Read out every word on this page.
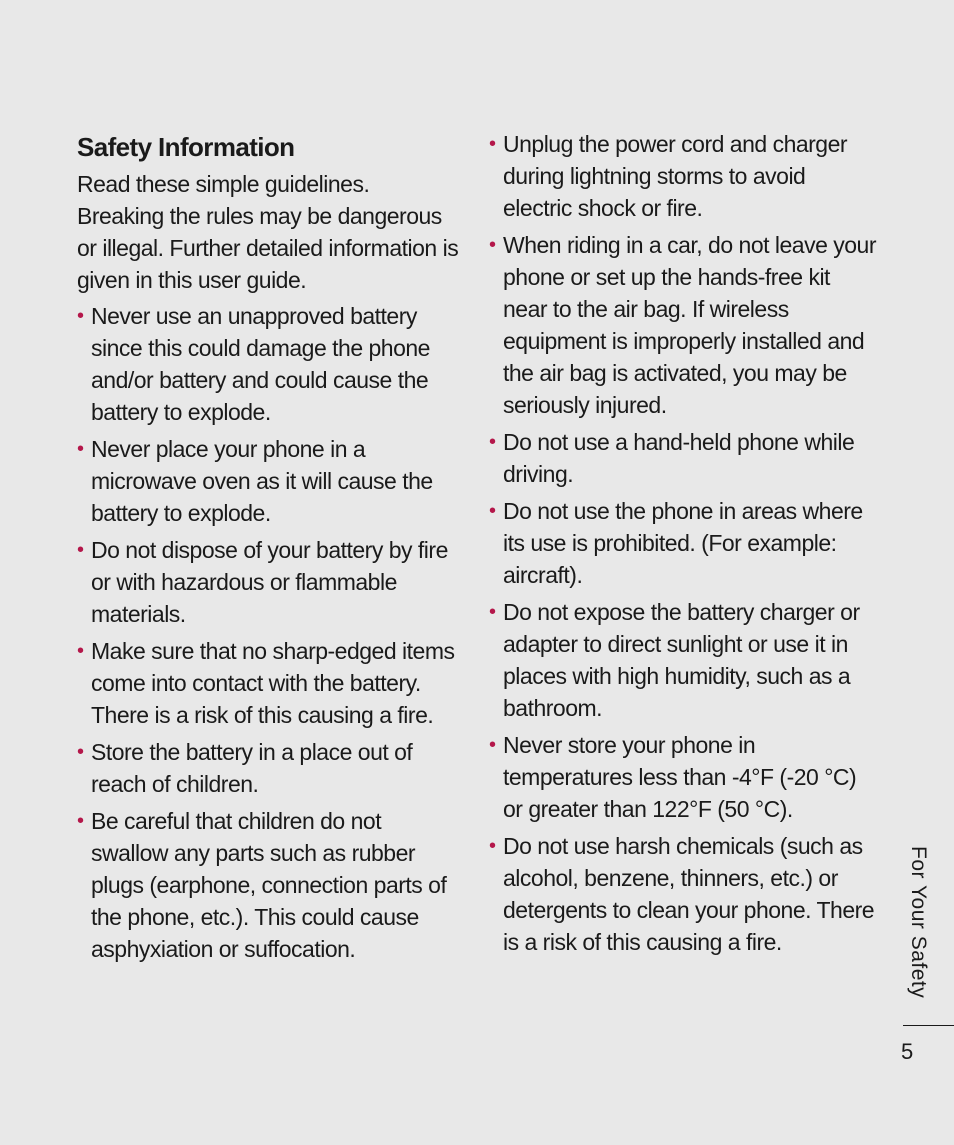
Safety Information

Read these simple guidelines. Breaking the rules may be dangerous or illegal. Further detailed information is given in this user guide.

• Never use an unapproved battery since this could damage the phone and/or battery and could cause the battery to explode.
• Never place your phone in a microwave oven as it will cause the battery to explode.
• Do not dispose of your battery by fire or with hazardous or flammable materials.
• Make sure that no sharp-edged items come into contact with the battery. There is a risk of this causing a fire.
• Store the battery in a place out of reach of children.
• Be careful that children do not swallow any parts such as rubber plugs (earphone, connection parts of the phone, etc.). This could cause asphyxiation or suffocation.
• Unplug the power cord and charger during lightning storms to avoid electric shock or fire.
• When riding in a car, do not leave your phone or set up the hands-free kit near to the air bag. If wireless equipment is improperly installed and the air bag is activated, you may be seriously injured.
• Do not use a hand-held phone while driving.
• Do not use the phone in areas where its use is prohibited. (For example: aircraft).
• Do not expose the battery charger or adapter to direct sunlight or use it in places with high humidity, such as a bathroom.
• Never store your phone in temperatures less than -4°F (-20 °C) or greater than 122°F (50 °C).
• Do not use harsh chemicals (such as alcohol, benzene, thinners, etc.) or detergents to clean your phone. There is a risk of this causing a fire.	For Your Safety
5
